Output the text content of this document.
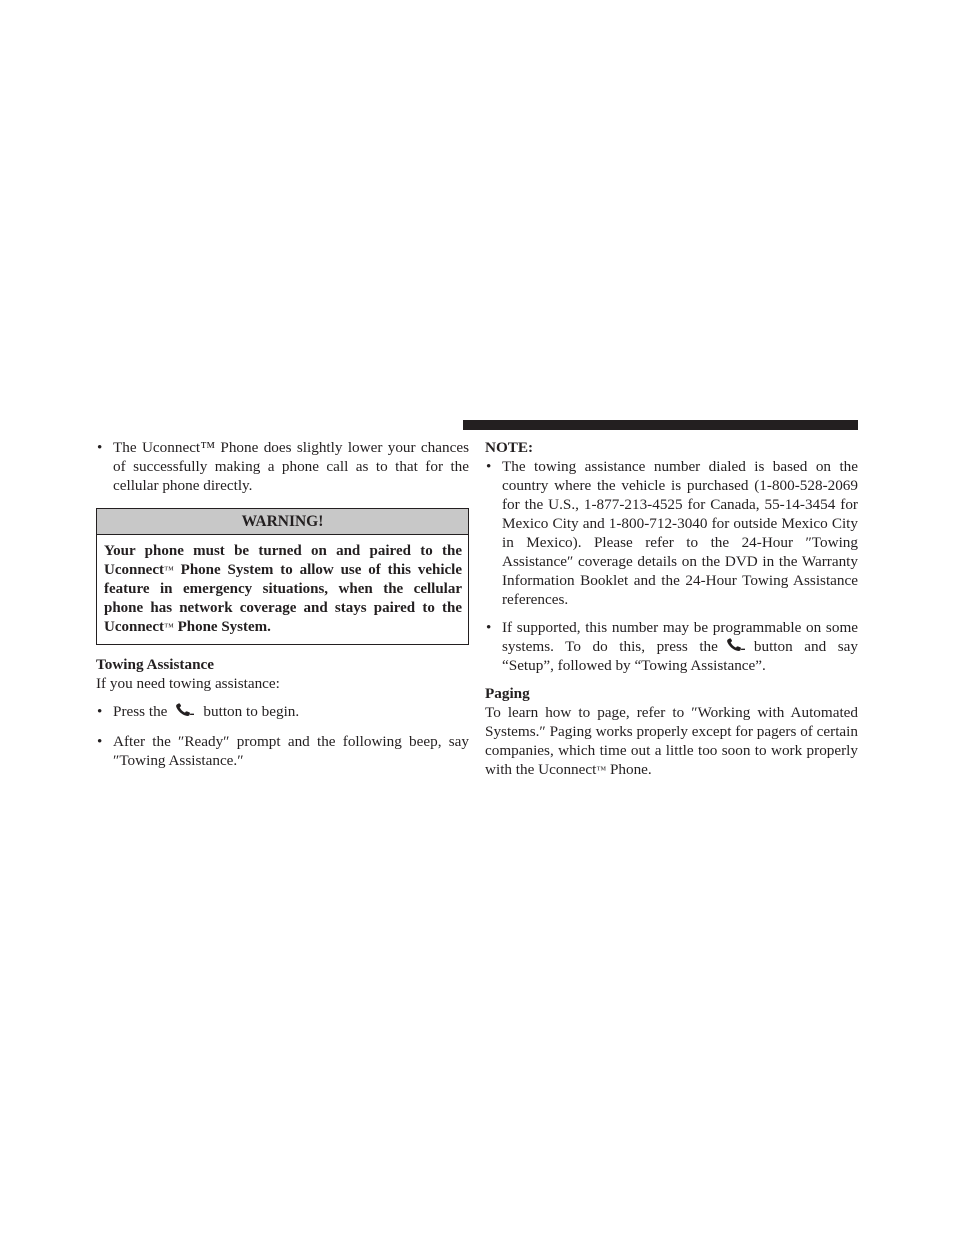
• The Uconnect™ Phone does slightly lower your chances of successfully making a phone call as to that for the cellular phone directly.
WARNING!
Your phone must be turned on and paired to the Uconnect™ Phone System to allow use of this vehicle feature in emergency situations, when the cellular phone has network coverage and stays paired to the Uconnect™ Phone System.
Towing Assistance
If you need towing assistance:
• Press the button to begin.
• After the ″Ready″ prompt and the following beep, say ″Towing Assistance.″
NOTE:
• The towing assistance number dialed is based on the country where the vehicle is purchased (1-800-528-2069 for the U.S., 1-877-213-4525 for Canada, 55-14-3454 for Mexico City and 1-800-712-3040 for outside Mexico City in Mexico). Please refer to the 24-Hour ″Towing Assistance″ coverage details on the DVD in the Warranty Information Booklet and the 24-Hour Towing Assistance references.
• If supported, this number may be programmable on some systems. To do this, press the button and say “Setup”, followed by “Towing Assistance”.
Paging
To learn how to page, refer to ″Working with Automated Systems.″ Paging works properly except for pagers of certain companies, which time out a little too soon to work properly with the Uconnect™ Phone.
